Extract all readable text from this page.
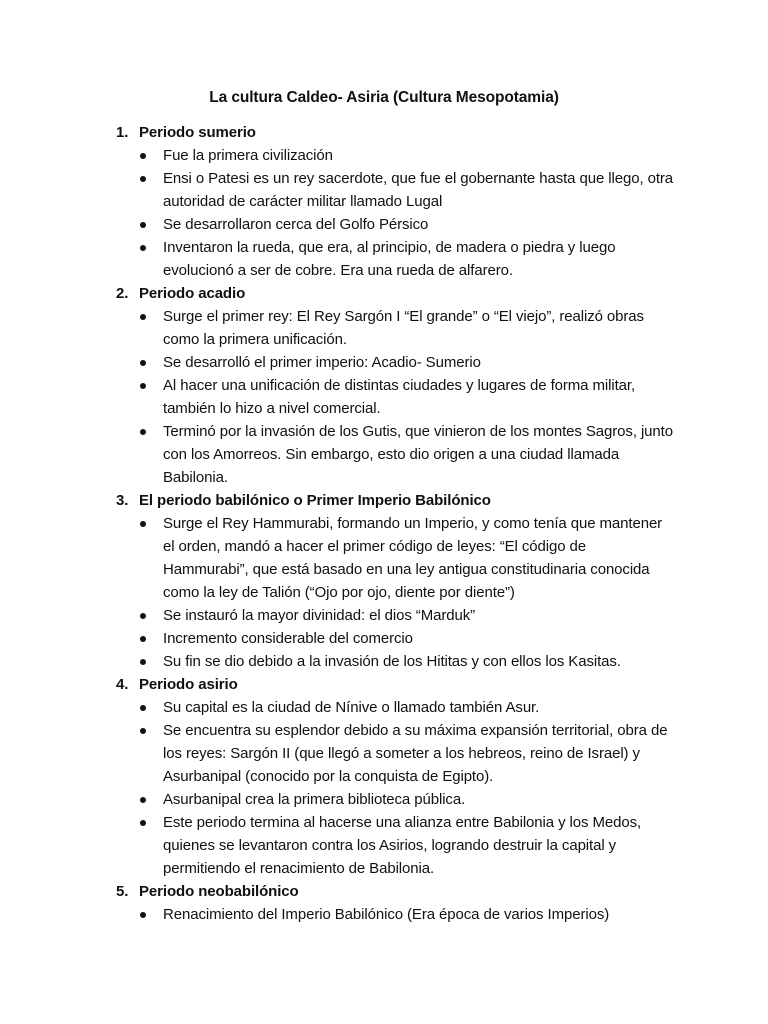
La cultura Caldeo- Asiria (Cultura Mesopotamia)
1. Periodo sumerio
Fue la primera civilización
Ensi o Patesi es un rey sacerdote, que fue el gobernante hasta que llego, otra autoridad de carácter militar llamado Lugal
Se desarrollaron cerca del Golfo Pérsico
Inventaron la rueda, que era, al principio, de madera o piedra y luego evolucionó a ser de cobre. Era una rueda de alfarero.
2. Periodo acadio
Surge el primer rey: El Rey Sargón I “El grande” o “El viejo”, realizó obras como la primera unificación.
Se desarrolló el primer imperio: Acadio- Sumerio
Al hacer una unificación de distintas ciudades y lugares de forma militar, también lo hizo a nivel comercial.
Terminó por la invasión de los Gutis, que vinieron de los montes Sagros, junto con los Amorreos. Sin embargo, esto dio origen a una ciudad llamada Babilonia.
3. El periodo babilónico o Primer Imperio Babilónico
Surge el Rey Hammurabi, formando un Imperio, y como tenía que mantener el orden, mandó a hacer el primer código de leyes: “El código de Hammurabi”, que está basado en una ley antigua constitudinaria conocida como la ley de Talión (“Ojo por ojo, diente por diente”)
Se instauró la mayor divinidad: el dios “Marduk”
Incremento considerable del comercio
Su fin se dio debido a la invasión de los Hititas y con ellos los Kasitas.
4. Periodo asirio
Su capital es la ciudad de Nínive o llamado también Asur.
Se encuentra su esplendor debido a su máxima expansión territorial, obra de los reyes: Sargón II (que llegó a someter a los hebreos, reino de Israel) y Asurbanipal (conocido por la conquista de Egipto).
Asurbanipal crea la primera biblioteca pública.
Este periodo termina al hacerse una alianza entre Babilonia y los Medos, quienes se levantaron contra los Asirios, logrando destruir la capital y permitiendo el renacimiento de Babilonia.
5. Periodo neobabilónico
Renacimiento del Imperio Babilónico (Era época de varios Imperios)
